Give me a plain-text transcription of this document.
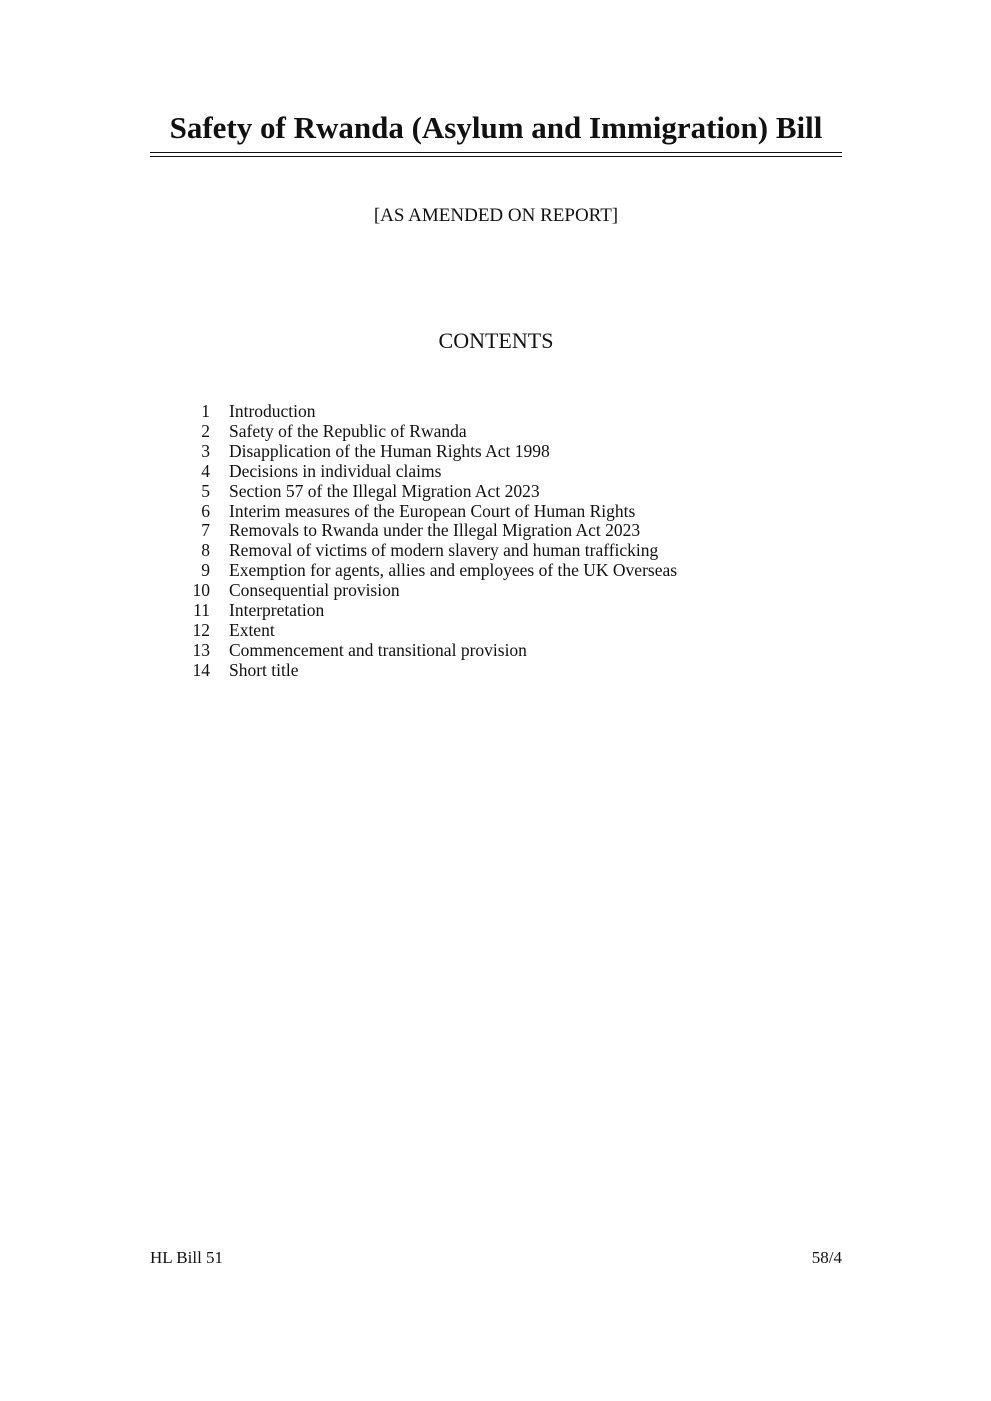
Safety of Rwanda (Asylum and Immigration) Bill
[AS AMENDED ON REPORT]
CONTENTS
1	Introduction
2	Safety of the Republic of Rwanda
3	Disapplication of the Human Rights Act 1998
4	Decisions in individual claims
5	Section 57 of the Illegal Migration Act 2023
6	Interim measures of the European Court of Human Rights
7	Removals to Rwanda under the Illegal Migration Act 2023
8	Removal of victims of modern slavery and human trafficking
9	Exemption for agents, allies and employees of the UK Overseas
10	Consequential provision
11	Interpretation
12	Extent
13	Commencement and transitional provision
14	Short title
HL Bill 51	58/4
